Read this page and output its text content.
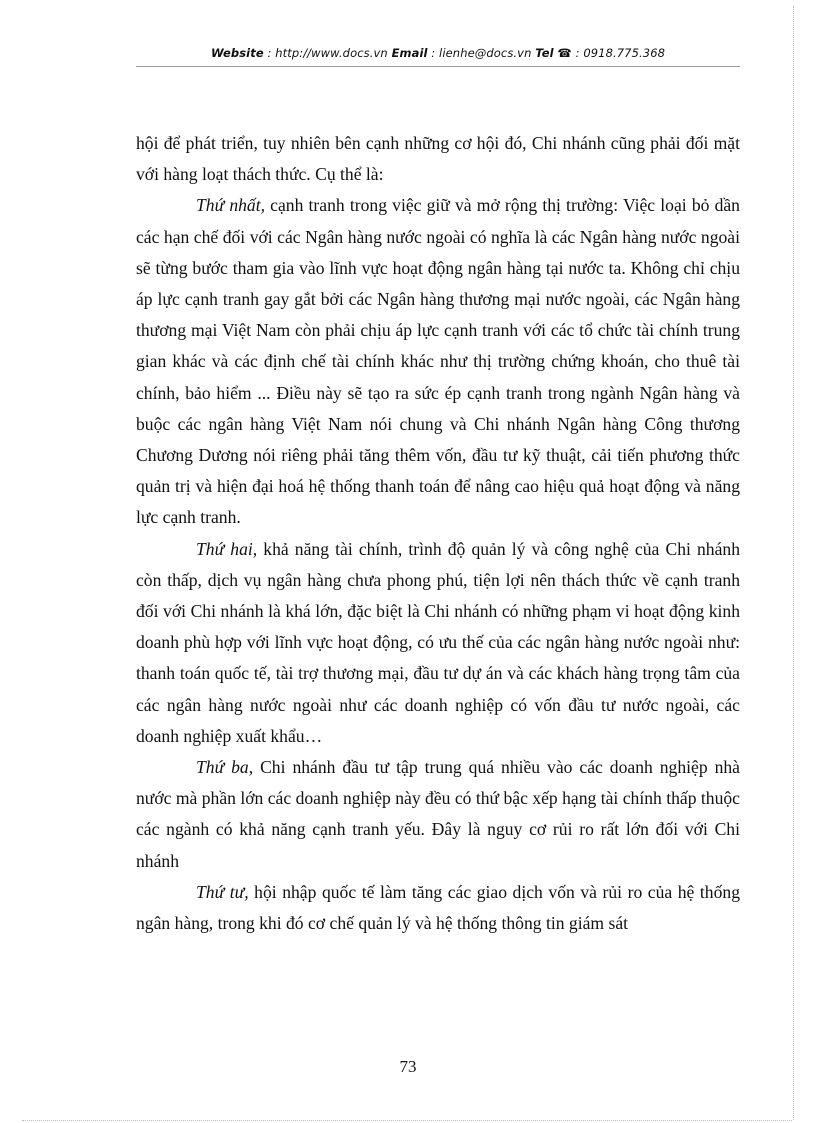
Website : http://www.docs.vn Email : lienhe@docs.vn Tel ☎ : 0918.775.368

hội để phát triển, tuy nhiên bên cạnh những cơ hội đó, Chi nhánh cũng phải đối mặt với hàng loạt thách thức. Cụ thể là:

Thứ nhất, cạnh tranh trong việc giữ và mở rộng thị trường: Việc loại bỏ dần các hạn chế đối với các Ngân hàng nước ngoài có nghĩa là các Ngân hàng nước ngoài sẽ từng bước tham gia vào lĩnh vực hoạt động ngân hàng tại nước ta. Không chỉ chịu áp lực cạnh tranh gay gắt bởi các Ngân hàng thương mại nước ngoài, các Ngân hàng thương mại Việt Nam còn phải chịu áp lực cạnh tranh với các tổ chức tài chính trung gian khác và các định chế tài chính khác như thị trường chứng khoán, cho thuê tài chính, bảo hiểm ... Điều này sẽ tạo ra sức ép cạnh tranh trong ngành Ngân hàng và buộc các ngân hàng Việt Nam nói chung và Chi nhánh Ngân hàng Công thương Chương Dương nói riêng phải tăng thêm vốn, đầu tư kỹ thuật, cải tiến phương thức quản trị và hiện đại hoá hệ thống thanh toán để nâng cao hiệu quả hoạt động và năng lực cạnh tranh.

Thứ hai, khả năng tài chính, trình độ quản lý và công nghệ của Chi nhánh còn thấp, dịch vụ ngân hàng chưa phong phú, tiện lợi nên thách thức về cạnh tranh đối với Chi nhánh là khá lớn, đặc biệt là Chi nhánh có những phạm vi hoạt động kinh doanh phù hợp với lĩnh vực hoạt động, có ưu thế của các ngân hàng nước ngoài như: thanh toán quốc tế, tài trợ thương mại, đầu tư dự án và các khách hàng trọng tâm của các ngân hàng nước ngoài như các doanh nghiệp có vốn đầu tư nước ngoài, các doanh nghiệp xuất khẩu…

Thứ ba, Chi nhánh đầu tư tập trung quá nhiều vào các doanh nghiệp nhà nước mà phần lớn các doanh nghiệp này đều có thứ bậc xếp hạng tài chính thấp thuộc các ngành có khả năng cạnh tranh yếu. Đây là nguy cơ rủi ro rất lớn đối với Chi nhánh

Thứ tư, hội nhập quốc tế làm tăng các giao dịch vốn và rủi ro của hệ thống ngân hàng, trong khi đó cơ chế quản lý và hệ thống thông tin giám sát

73
